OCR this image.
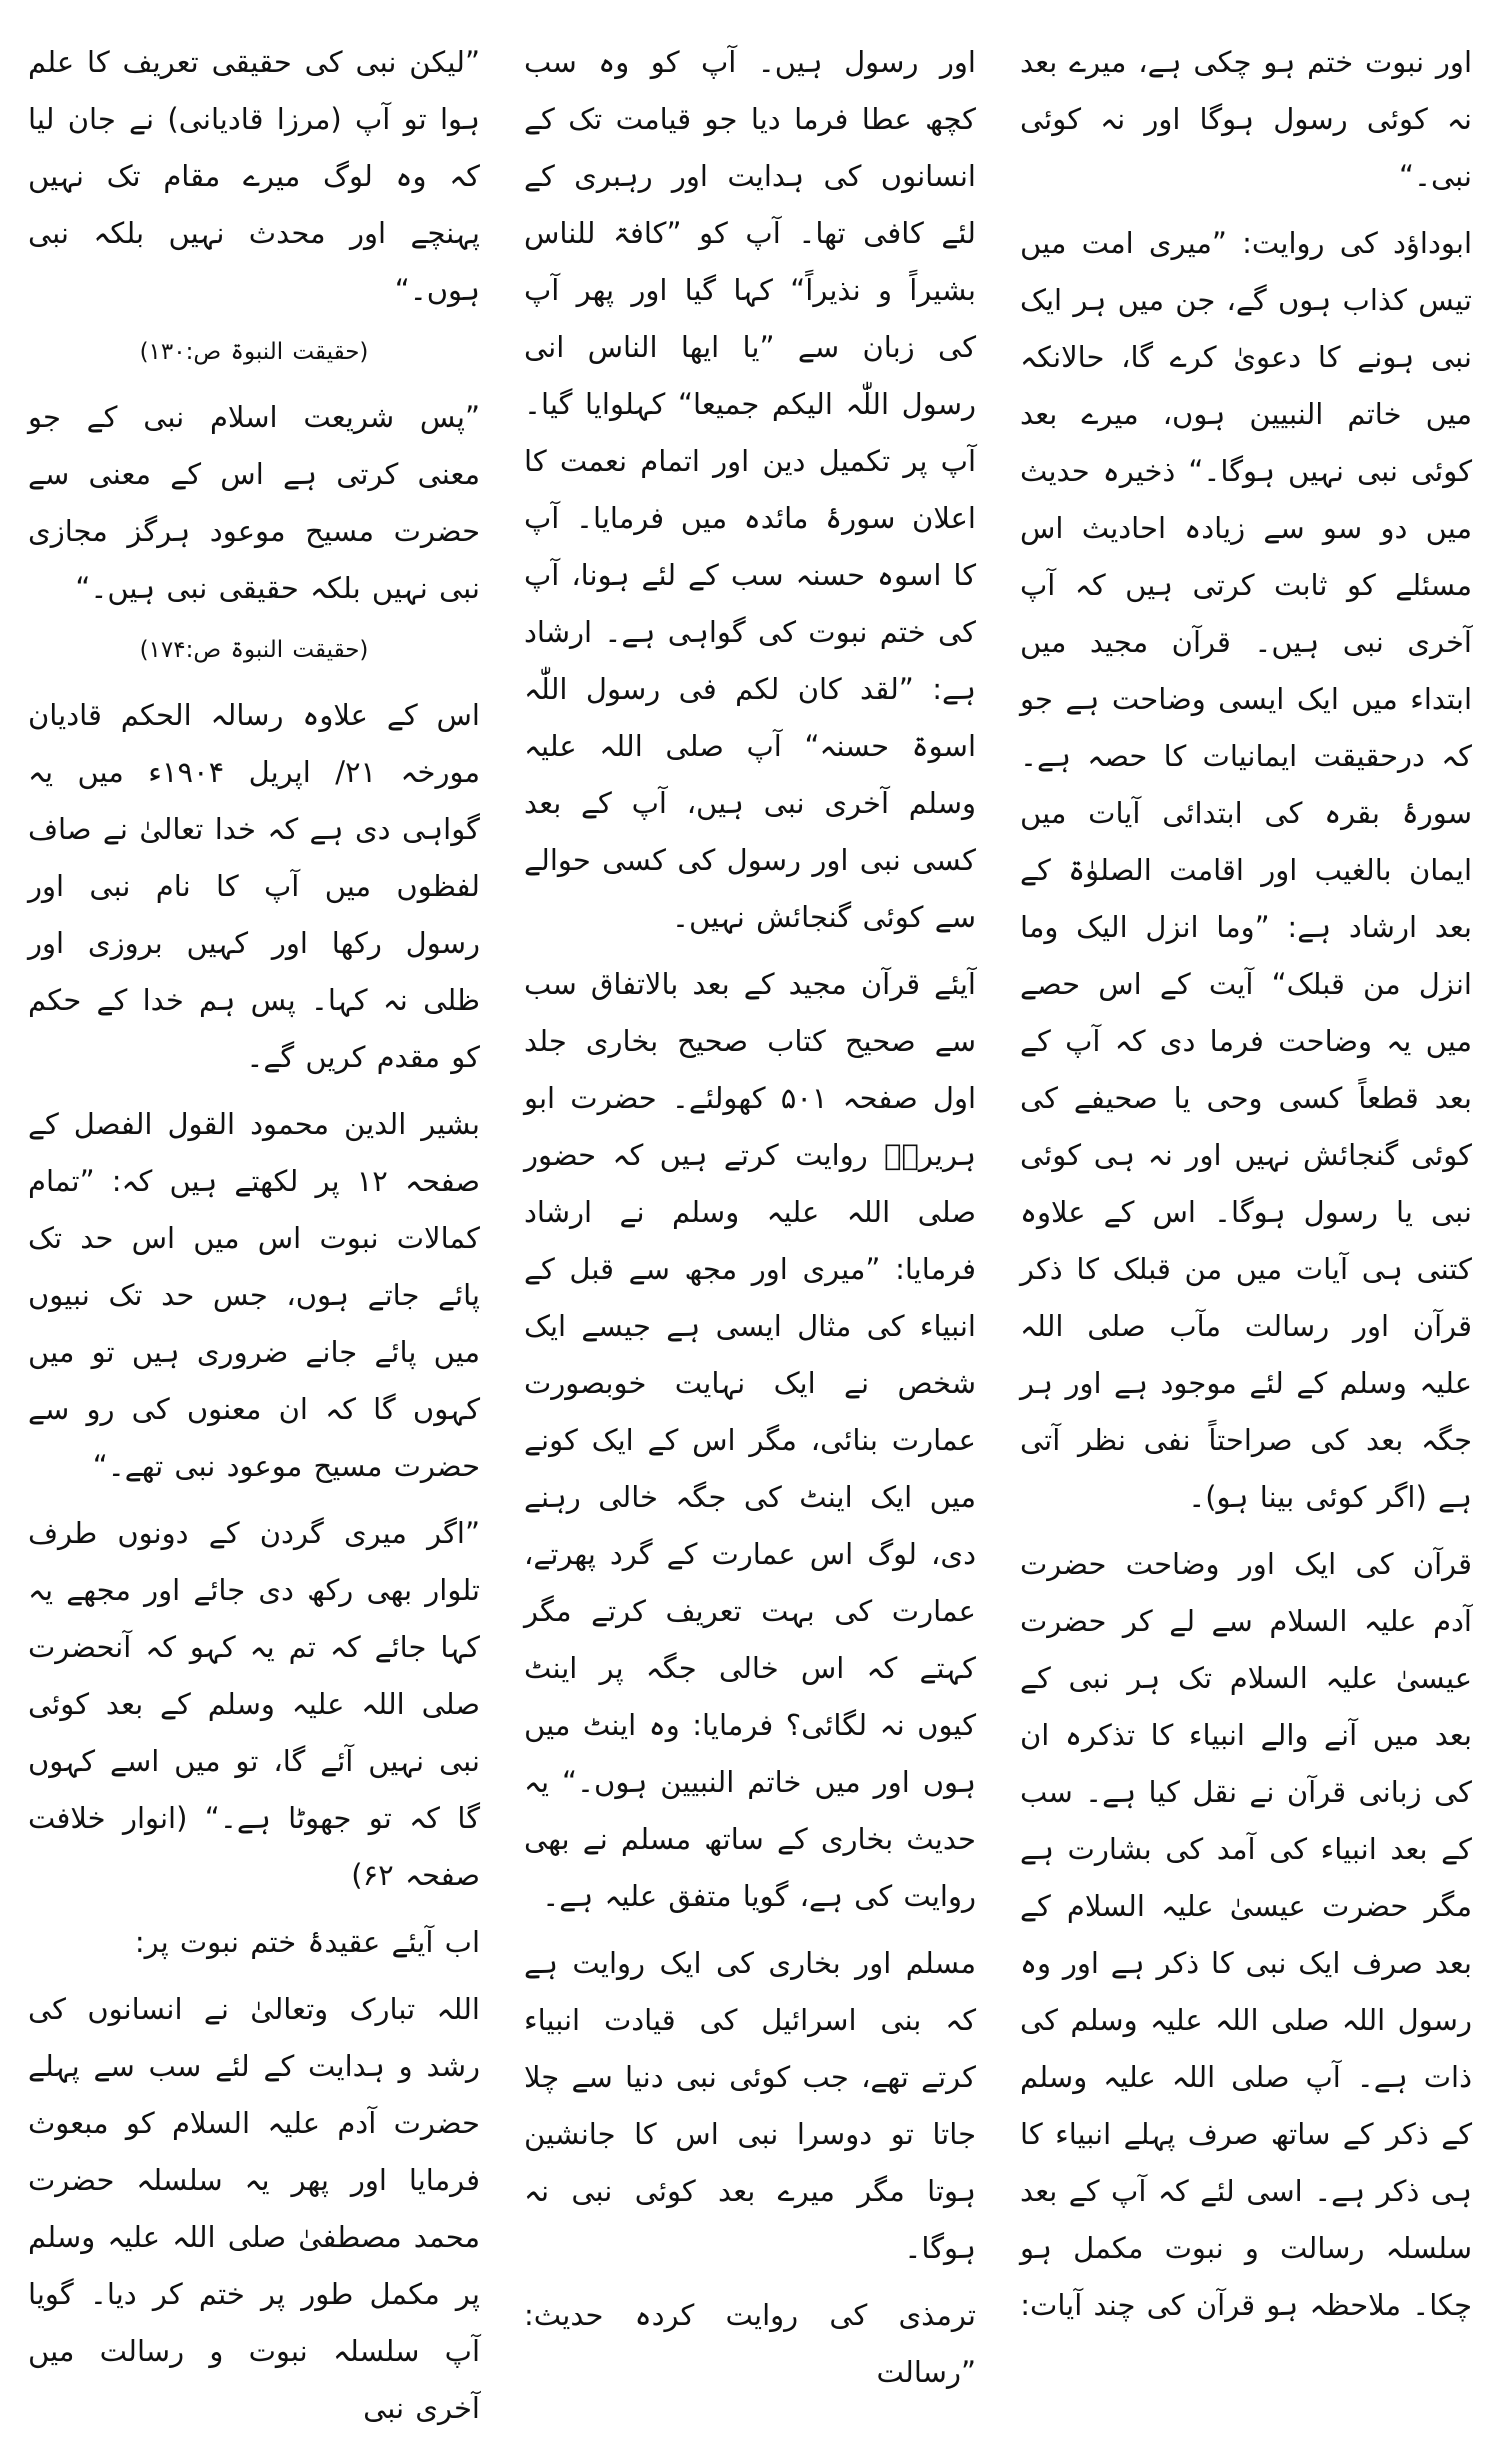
”لیکن نبی کی حقیقی تعریف کا علم ہوا تو آپ (مرزا قادیانی) نے جان لیا کہ وہ لوگ میرے مقام تک نہیں پہنچے اور محدث نہیں بلکہ نبی ہوں۔“

(حقیقت النبوۃ ص:۱۳۰)

”پس شریعت اسلام نبی کے جو معنی کرتی ہے اس کے معنی سے حضرت مسیح موعود ہرگز مجازی نبی نہیں بلکہ حقیقی نبی ہیں۔“

(حقیقت النبوۃ ص:۱۷۴)

اس کے علاوہ رسالہ الحکم قادیان مورخہ ۲۱/ اپریل ۱۹۰۴ء میں یہ گواہی دی ہے کہ خدا تعالیٰ نے صاف لفظوں میں آپ کا نام نبی اور رسول رکھا اور کہیں بروزی اور ظلی نہ کہا۔ پس ہم خدا کے حکم کو مقدم کریں گے۔

بشیر الدین محمود القول الفصل کے صفحہ ۱۲ پر لکھتے ہیں کہ: ”تمام کمالات نبوت اس میں اس حد تک پائے جاتے ہوں، جس حد تک نبیوں میں پائے جانے ضروری ہیں تو میں کہوں گا کہ ان معنوں کی رو سے حضرت مسیح موعود نبی تھے۔“

”اگر میری گردن کے دونوں طرف تلوار بھی رکھ دی جائے اور مجھے یہ کہا جائے کہ تم یہ کہو کہ آنحضرت صلی اللہ علیہ وسلم کے بعد کوئی نبی نہیں آئے گا، تو میں اسے کہوں گا کہ تو جھوٹا ہے۔“ (انوار خلافت صفحہ ۶۲)

اب آیئے عقیدۂ ختم نبوت پر:

اللہ تبارک وتعالیٰ نے انسانوں کی رشد و ہدایت کے لئے سب سے پہلے حضرت آدم علیہ السلام کو مبعوث فرمایا اور پھر یہ سلسلہ حضرت محمد مصطفیٰ صلی اللہ علیہ وسلم پر مکمل طور پر ختم کر دیا۔ گویا آپ سلسلہ نبوت و رسالت میں آخری نبی

اور رسول ہیں۔ آپ کو وہ سب کچھ عطا فرما دیا جو قیامت تک کے انسانوں کی ہدایت اور رہبری کے لئے کافی تھا۔ آپ کو ”کافۃ للناس بشیراً و نذیراً“ کہا گیا اور پھر آپ کی زبان سے ”یا ایھا الناس انی رسول اللّٰہ الیکم جمیعا“ کہلوایا گیا۔ آپ پر تکمیل دین اور اتمام نعمت کا اعلان سورۂ مائدہ میں فرمایا۔ آپ کا اسوہ حسنہ سب کے لئے ہونا، آپ کی ختم نبوت کی گواہی ہے۔ ارشاد ہے: ”لقد کان لکم فی رسول اللّٰہ اسوۃ حسنہ“ آپ صلی اللہ علیہ وسلم آخری نبی ہیں، آپ کے بعد کسی نبی اور رسول کی کسی حوالے سے کوئی گنجائش نہیں۔

آیئے قرآن مجید کے بعد بالاتفاق سب سے صحیح کتاب صحیح بخاری جلد اول صفحہ ۵۰۱ کھولئے۔ حضرت ابو ہریرہؓ روایت کرتے ہیں کہ حضور صلی اللہ علیہ وسلم نے ارشاد فرمایا: ”میری اور مجھ سے قبل کے انبیاء کی مثال ایسی ہے جیسے ایک شخص نے ایک نہایت خوبصورت عمارت بنائی، مگر اس کے ایک کونے میں ایک اینٹ کی جگہ خالی رہنے دی، لوگ اس عمارت کے گرد پھرتے، عمارت کی بہت تعریف کرتے مگر کہتے کہ اس خالی جگہ پر اینٹ کیوں نہ لگائی؟ فرمایا: وہ اینٹ میں ہوں اور میں خاتم النبیین ہوں۔“ یہ حدیث بخاری کے ساتھ مسلم نے بھی روایت کی ہے، گویا متفق علیہ ہے۔

مسلم اور بخاری کی ایک روایت ہے کہ بنی اسرائیل کی قیادت انبیاء کرتے تھے، جب کوئی نبی دنیا سے چلا جاتا تو دوسرا نبی اس کا جانشین ہوتا مگر میرے بعد کوئی نبی نہ ہوگا۔

ترمذی کی روایت کردہ حدیث: ”رسالت

اور نبوت ختم ہو چکی ہے، میرے بعد نہ کوئی رسول ہوگا اور نہ کوئی نبی۔“

ابوداؤد کی روایت: ”میری امت میں تیس کذاب ہوں گے، جن میں ہر ایک نبی ہونے کا دعویٰ کرے گا، حالانکہ میں خاتم النبیین ہوں، میرے بعد کوئی نبی نہیں ہوگا۔“ ذخیرہ حدیث میں دو سو سے زیادہ احادیث اس مسئلے کو ثابت کرتی ہیں کہ آپ آخری نبی ہیں۔ قرآن مجید میں ابتداء میں ایک ایسی وضاحت ہے جو کہ درحقیقت ایمانیات کا حصہ ہے۔ سورۂ بقرہ کی ابتدائی آیات میں ایمان بالغیب اور اقامت الصلوٰۃ کے بعد ارشاد ہے: ”وما انزل الیک وما انزل من قبلک“ آیت کے اس حصے میں یہ وضاحت فرما دی کہ آپ کے بعد قطعاً کسی وحی یا صحیفے کی کوئی گنجائش نہیں اور نہ ہی کوئی نبی یا رسول ہوگا۔ اس کے علاوہ کتنی ہی آیات میں من قبلک کا ذکر قرآن اور رسالت مآب صلی اللہ علیہ وسلم کے لئے موجود ہے اور ہر جگہ بعد کی صراحتاً نفی نظر آتی ہے (اگر کوئی بینا ہو)۔

قرآن کی ایک اور وضاحت حضرت آدم علیہ السلام سے لے کر حضرت عیسیٰ علیہ السلام تک ہر نبی کے بعد میں آنے والے انبیاء کا تذکرہ ان کی زبانی قرآن نے نقل کیا ہے۔ سب کے بعد انبیاء کی آمد کی بشارت ہے مگر حضرت عیسیٰ علیہ السلام کے بعد صرف ایک نبی کا ذکر ہے اور وہ رسول اللہ صلی اللہ علیہ وسلم کی ذات ہے۔ آپ صلی اللہ علیہ وسلم کے ذکر کے ساتھ صرف پہلے انبیاء کا ہی ذکر ہے۔ اسی لئے کہ آپ کے بعد سلسلہ رسالت و نبوت مکمل ہو چکا۔ ملاحظہ ہو قرآن کی چند آیات:
